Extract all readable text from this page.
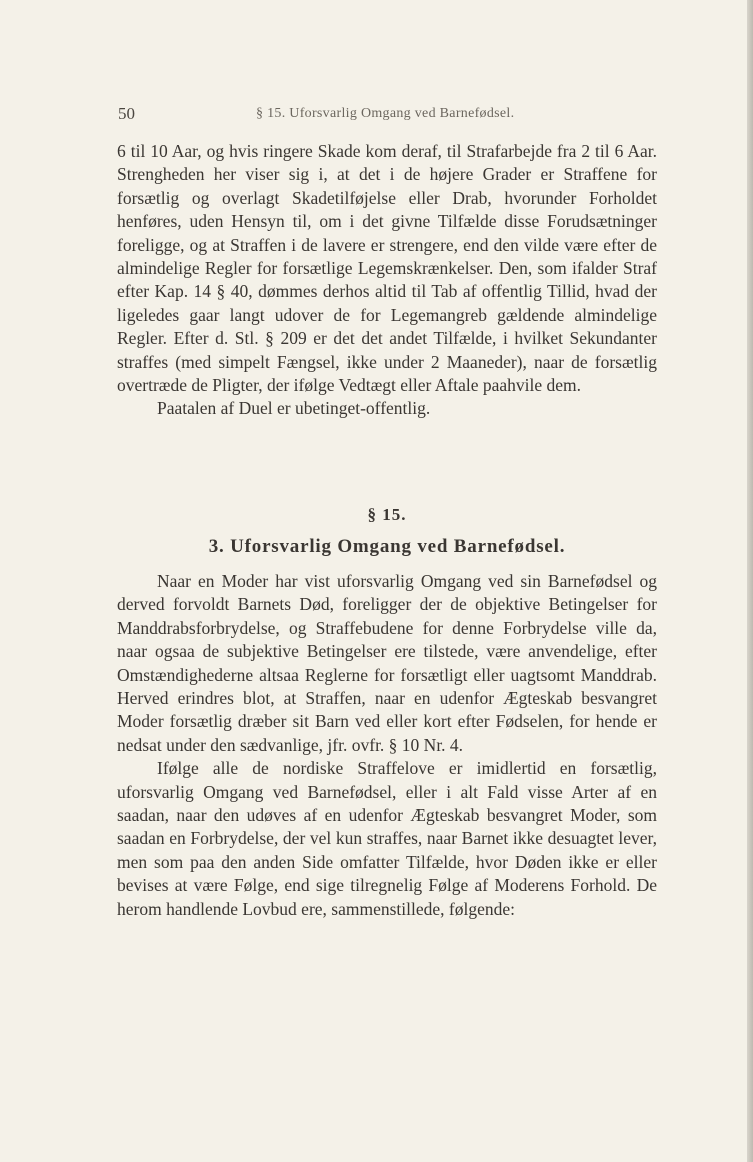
50	§ 15. Uforsvarlig Omgang ved Barnefødsel.

6 til 10 Aar, og hvis ringere Skade kom deraf, til Strafarbejde fra 2 til 6 Aar. Strengheden her viser sig i, at det i de højere Grader er Straffene for forsætlig og overlagt Skadetilføjelse eller Drab, hvorunder Forholdet henføres, uden Hensyn til, om i det givne Tilfælde disse Forudsætninger foreligge, og at Straffen i de lavere er strengere, end den vilde være efter de almindelige Regler for forsætlige Legemskrænkelser. Den, som ifalder Straf efter Kap. 14 § 40, dømmes derhos altid til Tab af offentlig Tillid, hvad der ligeledes gaar langt udover de for Legemangreb gældende almindelige Regler. Efter d. Stl. § 209 er det det andet Tilfælde, i hvilket Sekundanter straffes (med simpelt Fængsel, ikke under 2 Maaneder), naar de forsætlig overtræde de Pligter, der ifølge Vedtægt eller Aftale paahvile dem.

Paatalen af Duel er ubetinget-offentlig.

§ 15.
3. Uforsvarlig Omgang ved Barnefødsel.

Naar en Moder har vist uforsvarlig Omgang ved sin Barnefødsel og derved forvoldt Barnets Død, foreligger der de objektive Betingelser for Manddrabsforbrydelse, og Straffebudene for denne Forbrydelse ville da, naar ogsaa de subjektive Betingelser ere tilstede, være anvendelige, efter Omstændighederne altsaa Reglerne for forsætligt eller uagtsomt Manddrab. Herved erindres blot, at Straffen, naar en udenfor Ægteskab besvangret Moder forsætlig dræber sit Barn ved eller kort efter Fødselen, for hende er nedsat under den sædvanlige, jfr. ovfr. § 10 Nr. 4.

Ifølge alle de nordiske Straffelove er imidlertid en forsætlig, uforsvarlig Omgang ved Barnefødsel, eller i alt Fald visse Arter af en saadan, naar den udøves af en udenfor Ægteskab besvangret Moder, som saadan en Forbrydelse, der vel kun straffes, naar Barnet ikke desuagtet lever, men som paa den anden Side omfatter Tilfælde, hvor Døden ikke er eller bevises at være Følge, end sige tilregnelig Følge af Moderens Forhold. De herom handlende Lovbud ere, sammenstillede, følgende:
